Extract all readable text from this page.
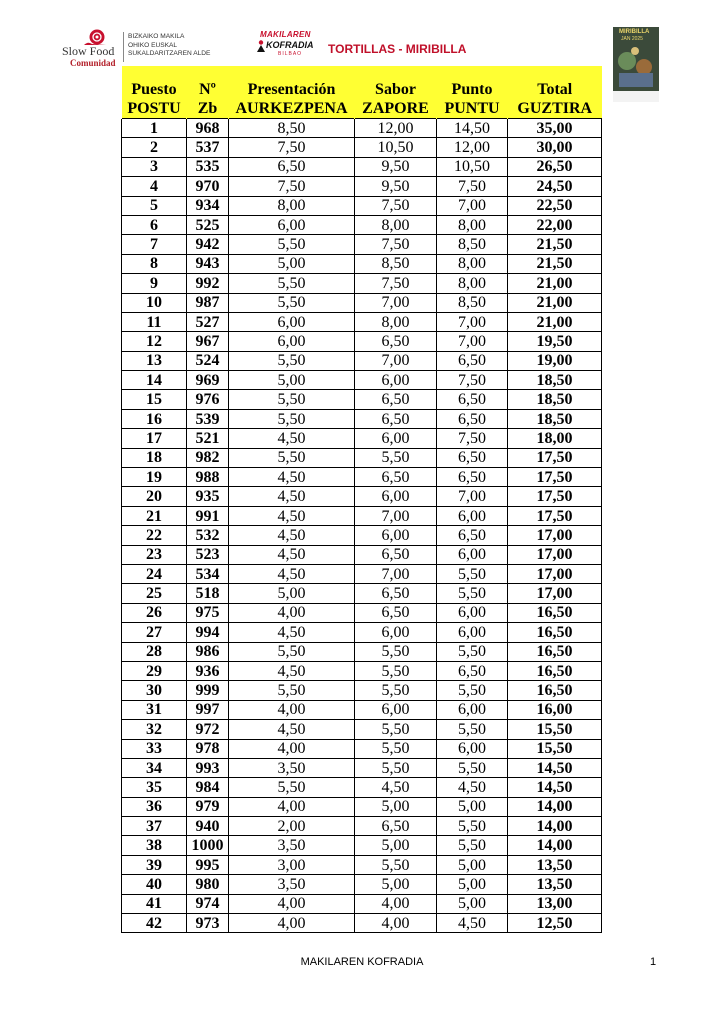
Slow Food
Comunidad
BIZKAIKO MAKILA
OHIKO EUSKAL
SUKALDARITZAREN ALDE
MAKILAREN
KOFRADIA
BILBAO TORTILLAS - MIRIBILLA
MIRIBILLA
JAN 2025

Puesto	Nº	Presentación	Sabor	Punto	Total
POSTU	Zb	AURKEZPENA	ZAPORE	PUNTU	GUZTIRA
1	968	8,50	12,00	14,50	35,00
2	537	7,50	10,50	12,00	30,00
3	535	6,50	9,50	10,50	26,50
4	970	7,50	9,50	7,50	24,50
5	934	8,00	7,50	7,00	22,50
6	525	6,00	8,00	8,00	22,00
7	942	5,50	7,50	8,50	21,50
8	943	5,00	8,50	8,00	21,50
9	992	5,50	7,50	8,00	21,00
10	987	5,50	7,00	8,50	21,00
11	527	6,00	8,00	7,00	21,00
12	967	6,00	6,50	7,00	19,50
13	524	5,50	7,00	6,50	19,00
14	969	5,00	6,00	7,50	18,50
15	976	5,50	6,50	6,50	18,50
16	539	5,50	6,50	6,50	18,50
17	521	4,50	6,00	7,50	18,00
18	982	5,50	5,50	6,50	17,50
19	988	4,50	6,50	6,50	17,50
20	935	4,50	6,00	7,00	17,50
21	991	4,50	7,00	6,00	17,50
22	532	4,50	6,00	6,50	17,00
23	523	4,50	6,50	6,00	17,00
24	534	4,50	7,00	5,50	17,00
25	518	5,00	6,50	5,50	17,00
26	975	4,00	6,50	6,00	16,50
27	994	4,50	6,00	6,00	16,50
28	986	5,50	5,50	5,50	16,50
29	936	4,50	5,50	6,50	16,50
30	999	5,50	5,50	5,50	16,50
31	997	4,00	6,00	6,00	16,00
32	972	4,50	5,50	5,50	15,50
33	978	4,00	5,50	6,00	15,50
34	993	3,50	5,50	5,50	14,50
35	984	5,50	4,50	4,50	14,50
36	979	4,00	5,00	5,00	14,00
37	940	2,00	6,50	5,50	14,00
38	1000	3,50	5,00	5,50	14,00
39	995	3,00	5,50	5,00	13,50
40	980	3,50	5,00	5,00	13,50
41	974	4,00	4,00	5,00	13,00
42	973	4,00	4,00	4,50	12,50
MAKILAREN KOFRADIA	1
